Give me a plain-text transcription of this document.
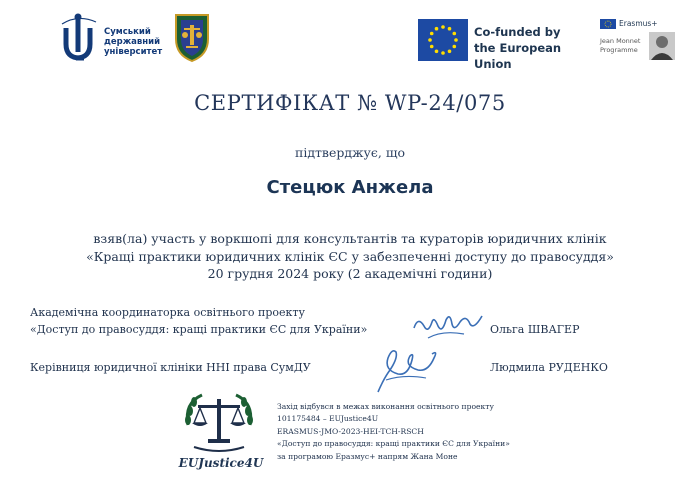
Сумський
державний
університет
Co-funded by
the European Union
Erasmus+
Jean Monnet
Programme
СЕРТИФІКАТ № WP-24/075
підтверджує, що
Стецюк Анжела
взяв(ла) участь у воркшопі для консультантів та кураторів юридичних клінік
«Кращі практики юридичних клінік ЄС у забезпеченні доступу до правосуддя»
20 грудня 2024 року (2 академічні години)
Академічна координаторка освітнього проекту
«Доступ до правосуддя: кращі практики ЄС для України»	Ольга ШВАГЕР
Керівниця юридичної клініки ННІ права СумДУ	Людмила РУДЕНКО
EUJustice4U
Захід відбувся в межах виконання освітнього проекту
101175484 – EUJustice4U
ERASMUS-JMO-2023-HEI-TCH-RSCH
«Доступ до правосуддя: кращі практики ЄС для України»
за програмою Еразмус+ напрям Жана Моне
